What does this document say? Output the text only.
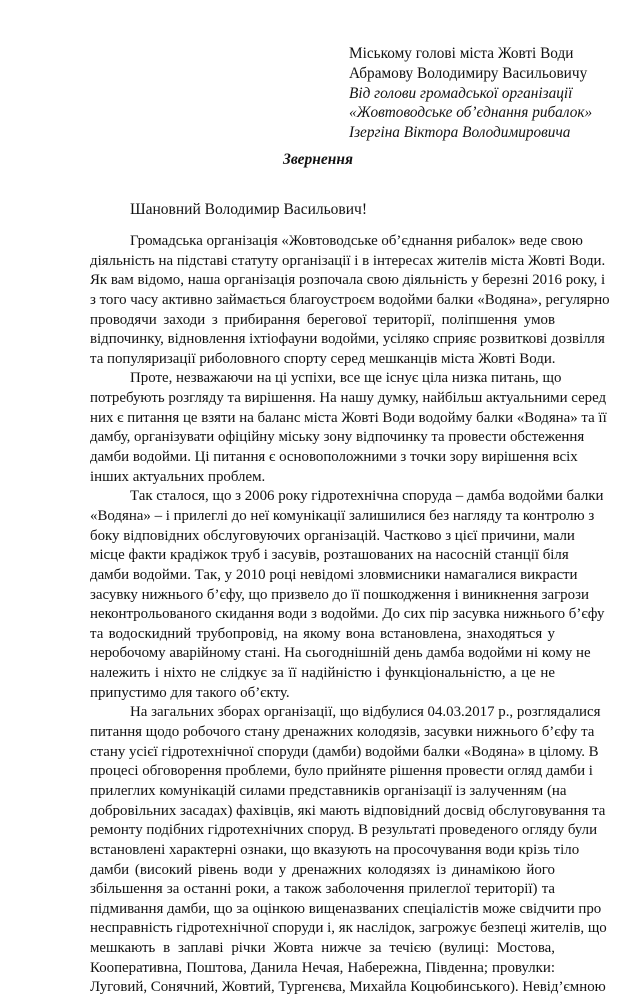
Міському голові міста Жовті Води
Абрамову Володимиру Васильовичу
Від голови громадської організації
«Жовтоводське об’єднання рибалок»
Ізергіна Віктора Володимировича
Звернення
Шановний Володимир Васильович!
Громадська організація «Жовтоводське об’єднання рибалок» веде свою
діяльність на підставі статуту організації і в інтересах жителів міста Жовті Води.
Як вам відомо, наша організація розпочала свою діяльність у березні 2016 року, і
з того часу активно займається благоустроєм водойми балки «Водяна», регулярно
проводячи заходи з прибирання берегової території, поліпшення умов
відпочинку, відновлення іхтіофауни водойми, усіляко сприяє розвиткові дозвілля
та популяризації риболовного спорту серед мешканців міста Жовті Води.
Проте, незважаючи на ці успіхи, все ще існує ціла низка питань, що
потребують розгляду та вирішення. На нашу думку, найбільш актуальними серед
них є питання це взяти на баланс міста Жовті Води водойму балки «Водяна» та її
дамбу, організувати офіційну міську зону відпочинку та провести обстеження
дамби водойми. Ці питання є основоположними з точки зору вирішення всіх
інших актуальних проблем.
Так сталося, що з 2006 року гідротехнічна споруда – дамба водойми балки
«Водяна» – і прилеглі до неї комунікації залишилися без нагляду та контролю з
боку відповідних обслуговуючих організацій. Частково з цієї причини, мали
місце факти крадіжок труб і засувів, розташованих на насосній станції біля
дамби водойми. Так, у 2010 році невідомі зловмисники намагалися викрасти
засувку нижнього б’єфу, що призвело до її пошкодження і виникнення загрози
неконтрольованого скидання води з водойми. До сих пір засувка нижнього б’єфу
та водоскидний трубопровід, на якому вона встановлена, знаходяться у
неробочому аварійному стані. На сьогоднішній день дамба водойми ні кому не
належить і ніхто не слідкує за її надійністю і функціональністю, а це не
припустимо для такого об’єкту.
На загальних зборах організації, що відбулися 04.03.2017 р., розглядалися
питання щодо робочого стану дренажних колодязів, засувки нижнього б’єфу та
стану усієї гідротехнічної споруди (дамби) водойми балки «Водяна» в цілому. В
процесі обговорення проблеми, було прийняте рішення провести огляд дамби і
прилеглих комунікацій силами представників організації із залученням (на
добровільних засадах) фахівців, які мають відповідний досвід обслуговування та
ремонту подібних гідротехнічних споруд. В результаті проведеного огляду були
встановлені характерні ознаки, що вказують на просочування води крізь тіло
дамби (високий рівень води у дренажних колодязях із динамікою його
збільшення за останні роки, а також заболочення прилеглої території) та
підмивання дамби, що за оцінкою вищеназваних спеціалістів може свідчити про
несправність гідротехнічної споруди і, як наслідок, загрожує безпеці жителів, що
мешкають в заплаві річки Жовта нижче за течією (вулиці: Мостова,
Кооперативна, Поштова, Данила Нечая, Набережна, Південна; провулки:
Луговий, Сонячний, Жовтий, Тургенєва, Михайла Коцюбинського). Невід’ємною
